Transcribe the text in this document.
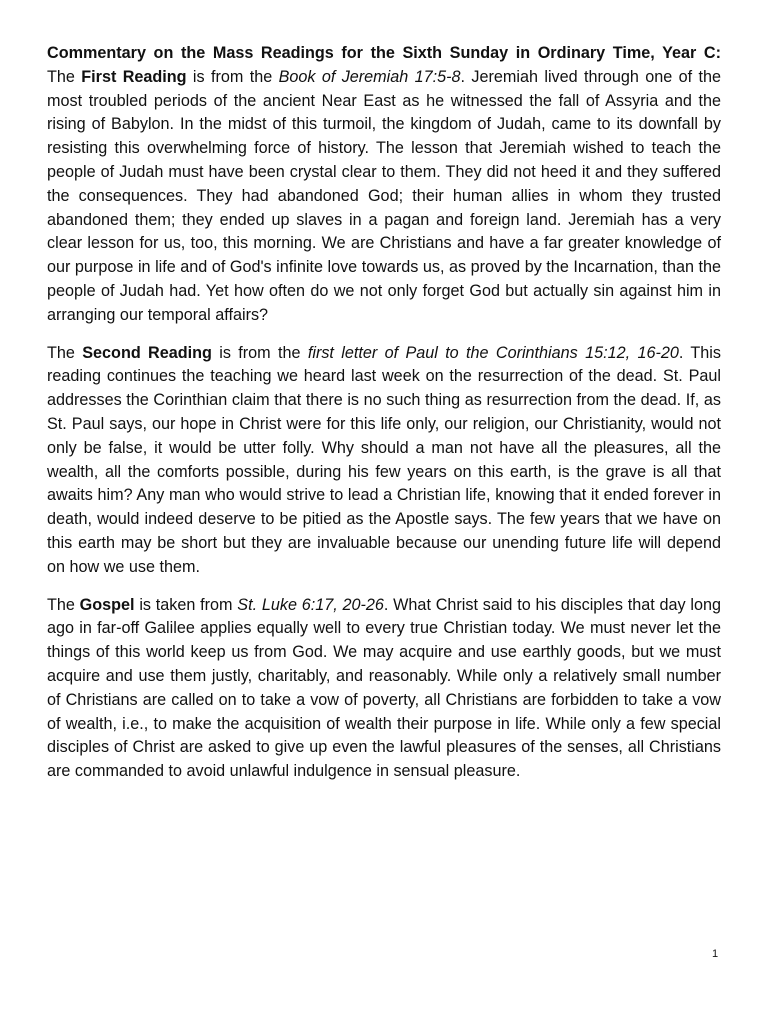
Commentary on the Mass Readings for the Sixth Sunday in Ordinary Time, Year C:

The First Reading is from the Book of Jeremiah 17:5-8. Jeremiah lived through one of the most troubled periods of the ancient Near East as he witnessed the fall of Assyria and the rising of Babylon. In the midst of this turmoil, the kingdom of Judah, came to its downfall by resisting this overwhelming force of history. The lesson that Jeremiah wished to teach the people of Judah must have been crystal clear to them. They did not heed it and they suffered the consequences. They had abandoned God; their human allies in whom they trusted abandoned them; they ended up slaves in a pagan and foreign land. Jeremiah has a very clear lesson for us, too, this morning. We are Christians and have a far greater knowledge of our purpose in life and of God's infinite love towards us, as proved by the Incarnation, than the people of Judah had. Yet how often do we not only forget God but actually sin against him in arranging our temporal affairs?

The Second Reading is from the first letter of Paul to the Corinthians 15:12, 16-20. This reading continues the teaching we heard last week on the resurrection of the dead. St. Paul addresses the Corinthian claim that there is no such thing as resurrection from the dead. If, as St. Paul says, our hope in Christ were for this life only, our religion, our Christianity, would not only be false, it would be utter folly. Why should a man not have all the pleasures, all the wealth, all the comforts possible, during his few years on this earth, is the grave is all that awaits him? Any man who would strive to lead a Christian life, knowing that it ended forever in death, would indeed deserve to be pitied as the Apostle says. The few years that we have on this earth may be short but they are invaluable because our unending future life will depend on how we use them.

The Gospel is taken from St. Luke 6:17, 20-26. What Christ said to his disciples that day long ago in far-off Galilee applies equally well to every true Christian today. We must never let the things of this world keep us from God. We may acquire and use earthly goods, but we must acquire and use them justly, charitably, and reasonably. While only a relatively small number of Christians are called on to take a vow of poverty, all Christians are forbidden to take a vow of wealth, i.e., to make the acquisition of wealth their purpose in life. While only a few special disciples of Christ are asked to give up even the lawful pleasures of the senses, all Christians are commanded to avoid unlawful indulgence in sensual pleasure.

1
